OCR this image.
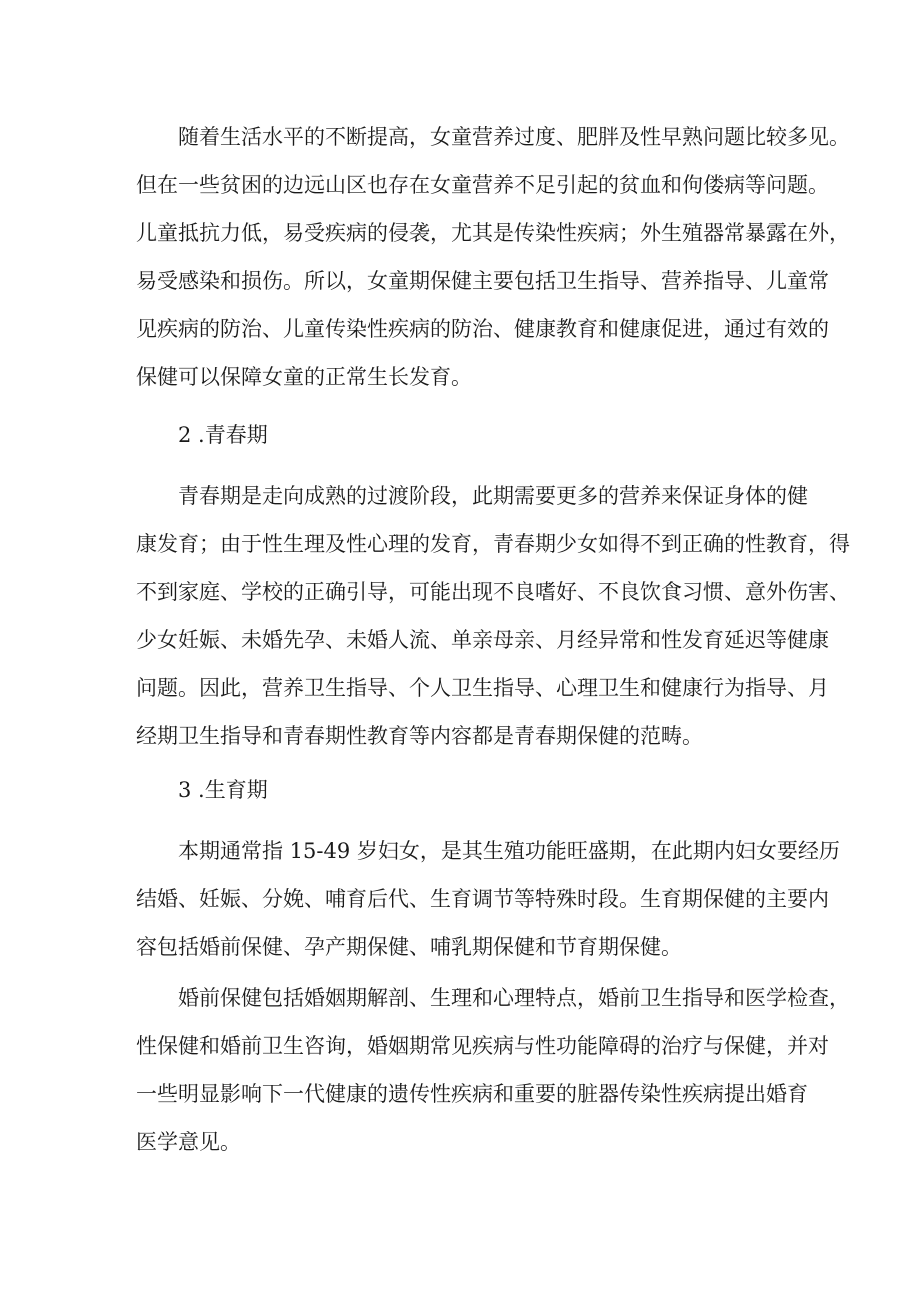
随着生活水平的不断提高，女童营养过度、肥胖及性早熟问题比较多见。
但在一些贫困的边远山区也存在女童营养不足引起的贫血和佝偻病等问题。
儿童抵抗力低，易受疾病的侵袭，尤其是传染性疾病；外生殖器常暴露在外，
易受感染和损伤。所以，女童期保健主要包括卫生指导、营养指导、儿童常
见疾病的防治、儿童传染性疾病的防治、健康教育和健康促进，通过有效的
保健可以保障女童的正常生长发育。

2 .青春期

青春期是走向成熟的过渡阶段，此期需要更多的营养来保证身体的健
康发育；由于性生理及性心理的发育，青春期少女如得不到正确的性教育，得
不到家庭、学校的正确引导，可能出现不良嗜好、不良饮食习惯、意外伤害、
少女妊娠、未婚先孕、未婚人流、单亲母亲、月经异常和性发育延迟等健康
问题。因此，营养卫生指导、个人卫生指导、心理卫生和健康行为指导、月
经期卫生指导和青春期性教育等内容都是青春期保健的范畴。

3 .生育期

本期通常指 15-49 岁妇女，是其生殖功能旺盛期，在此期内妇女要经历
结婚、妊娠、分娩、哺育后代、生育调节等特殊时段。生育期保健的主要内
容包括婚前保健、孕产期保健、哺乳期保健和节育期保健。

婚前保健包括婚姻期解剖、生理和心理特点，婚前卫生指导和医学检查，
性保健和婚前卫生咨询，婚姻期常见疾病与性功能障碍的治疗与保健，并对
一些明显影响下一代健康的遗传性疾病和重要的脏器传染性疾病提出婚育
医学意见。
